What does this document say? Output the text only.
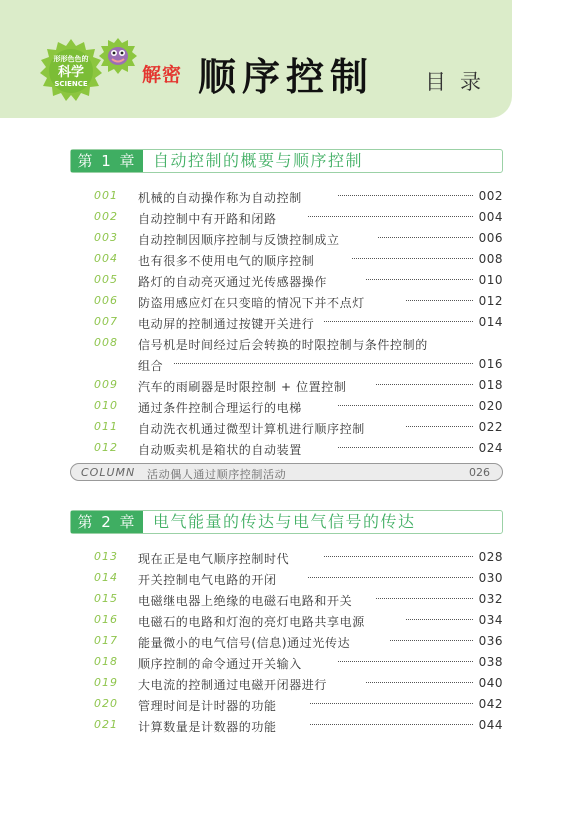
形形色色的
科学
SCIENCE	解密 顺序控制 目录
第 1 章	自动控制的概要与顺序控制
001 机械的自动操作称为自动控制	002
002 自动控制中有开路和闭路	004
003 自动控制因顺序控制与反馈控制成立	006
004 也有很多不使用电气的顺序控制	008
005 路灯的自动亮灭通过光传感器操作	010
006 防盗用感应灯在只变暗的情况下并不点灯	012
007 电动屏的控制通过按键开关进行	014
008 信号机是时间经过后会转换的时限控制与条件控制的
组合	016
009 汽车的雨刷器是时限控制 + 位置控制	018
010 通过条件控制合理运行的电梯	020
011 自动洗衣机通过微型计算机进行顺序控制	022
012 自动贩卖机是箱状的自动装置	024
COLUMN 活动偶人通过顺序控制活动	026
第 2 章	电气能量的传达与电气信号的传达
013 现在正是电气顺序控制时代	028
014 开关控制电气电路的开闭	030
015 电磁继电器上绝缘的电磁石电路和开关	032
016 电磁石的电路和灯泡的亮灯电路共享电源	034
017 能量微小的电气信号(信息)通过光传达	036
018 顺序控制的命令通过开关输入	038
019 大电流的控制通过电磁开闭器进行	040
020 管理时间是计时器的功能	042
021 计算数量是计数器的功能	044
